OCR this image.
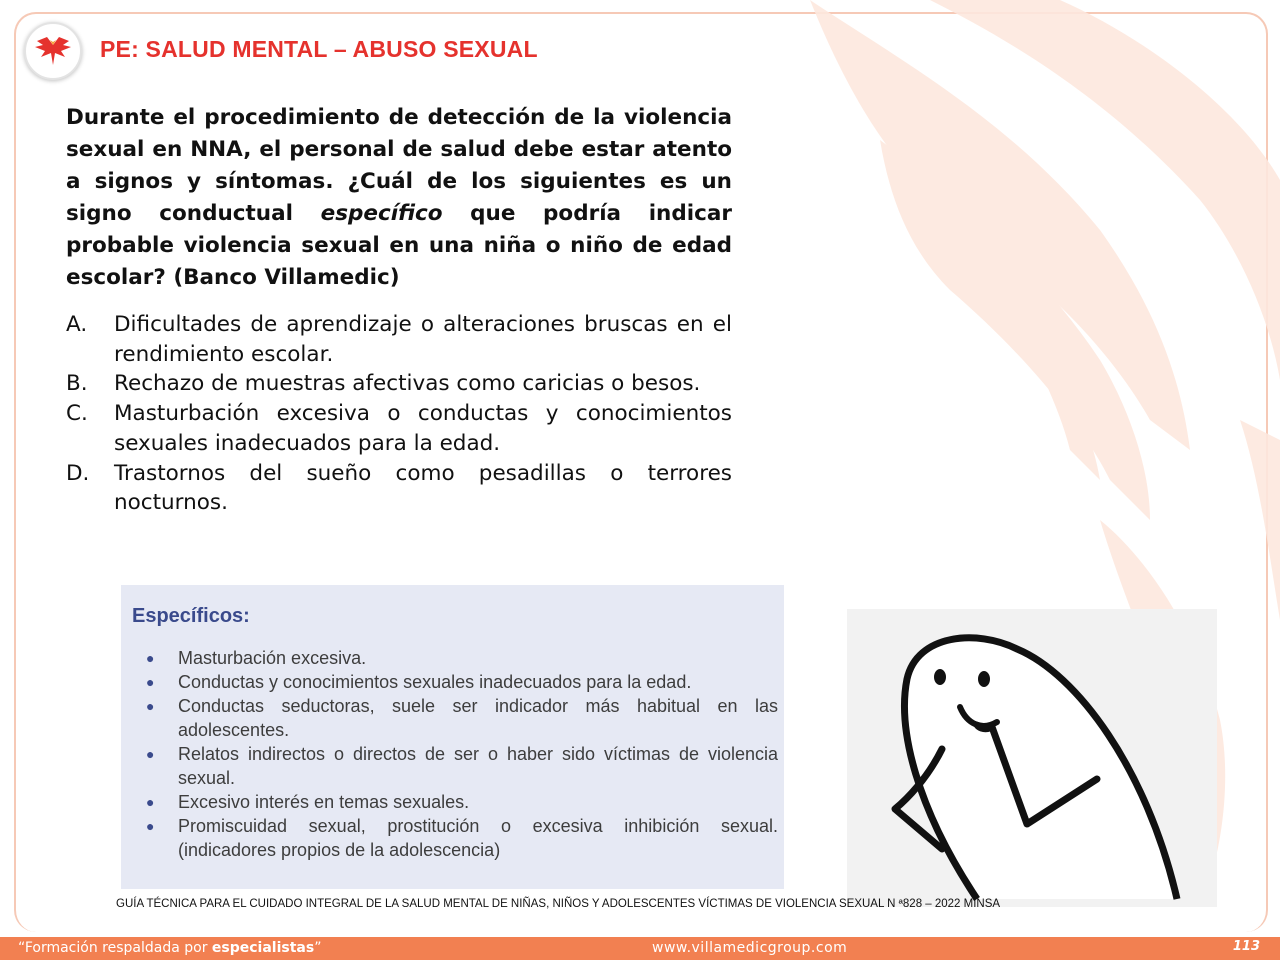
PE: SALUD MENTAL – ABUSO SEXUAL

Durante el procedimiento de detección de la violencia sexual en NNA, el personal de salud debe estar atento a signos y síntomas. ¿Cuál de los siguientes es un signo conductual específico que podría indicar probable violencia sexual en una niña o niño de edad escolar? (Banco Villamedic)

A.	Dificultades de aprendizaje o alteraciones bruscas en el rendimiento escolar.
B.	Rechazo de muestras afectivas como caricias o besos.
C.	Masturbación excesiva o conductas y conocimientos sexuales inadecuados para la edad.
D.	Trastornos del sueño como pesadillas o terrores nocturnos.
Específicos:
●	Masturbación excesiva.
●	Conductas y conocimientos sexuales inadecuados para la edad.
●	Conductas seductoras, suele ser indicador más habitual en las adolescentes.
●	Relatos indirectos o directos de ser o haber sido víctimas de violencia sexual.
●	Excesivo interés en temas sexuales.
●	Promiscuidad sexual, prostitución o excesiva inhibición sexual. (indicadores propios de la adolescencia)
GUÍA TÉCNICA PARA EL CUIDADO INTEGRAL DE LA SALUD MENTAL DE NIÑAS, NIÑOS Y ADOLESCENTES VÍCTIMAS DE VIOLENCIA SEXUAL N ª828 – 2022 MINSA
“Formación respaldada por especialistas”	www.villamedicgroup.com	113
